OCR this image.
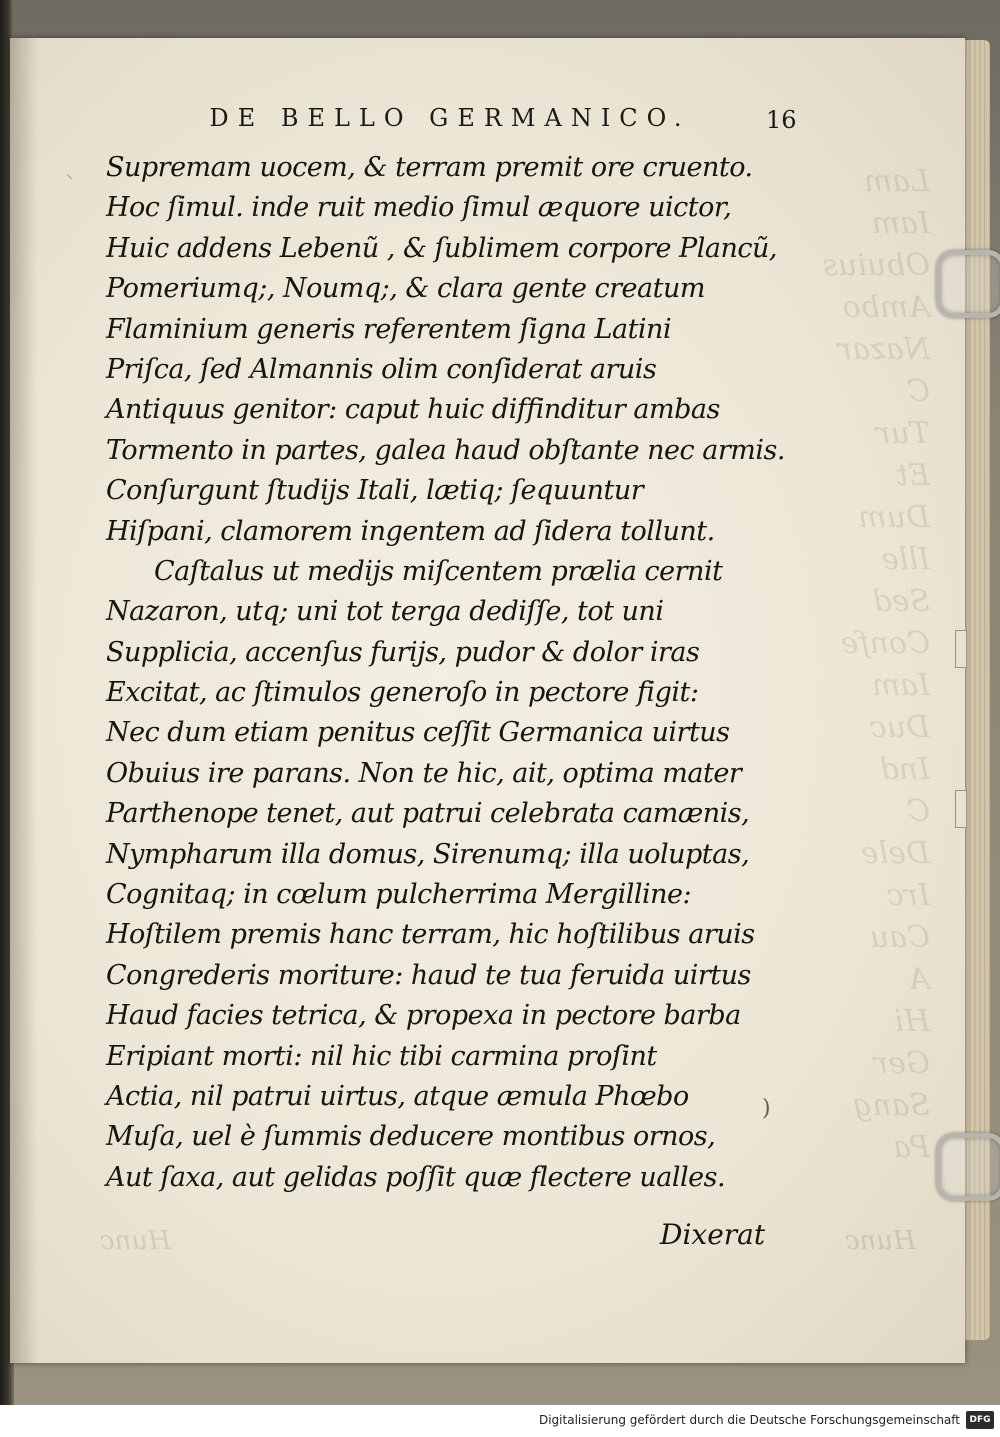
Lam
Iam
Obuius
Ambo
Nazar
C
Tur
Et
Dum
Ille
Sed
Confe
Iam
Duc
Ind
C
Dele
Irc
Cau
A
Hi
Ger
Sang
Pa
⸌
DE BELLO GERMANICO.	16
Supremam uocem, & terram premit ore cruento.
Hoc ſimul. inde ruit medio ſimul æquore uictor,
Huic addens Lebenũ , & ſublimem corpore Plancũ,
Pomeriumq;, Noumq;, & clara gente creatum
Flaminium generis referentem ſigna Latini
Priſca, ſed Almannis olim conſiderat aruis
Antiquus genitor: caput huic diffinditur ambas
Tormento in partes, galea haud obſtante nec armis.
Conſurgunt ſtudijs Itali, lætiq; ſequuntur
Hiſpani, clamorem ingentem ad ſidera tollunt.
Caſtalus ut medijs miſcentem prælia cernit
Nazaron, utq; uni tot terga dediſſe, tot uni
Supplicia, accenſus furijs, pudor & dolor iras
Excitat, ac ſtimulos generoſo in pectore figit:
Nec dum etiam penitus ceſſit Germanica uirtus
Obuius ire parans. Non te hic, ait, optima mater
Parthenope tenet, aut patrui celebrata camænis,
Nympharum illa domus, Sirenumq; illa uoluptas,
Cognitaq; in cœlum pulcherrima Mergilline:
Hoſtilem premis hanc terram, hic hoſtilibus aruis
Congrederis moriture: haud te tua feruida uirtus
Haud facies tetrica, & propexa in pectore barba
Eripiant morti: nil hic tibi carmina proſint
Actia, nil patrui uirtus, atque æmula Phœbo
Muſa, uel è ſummis deducere montibus ornos,
Aut ſaxa, aut gelidas poſſit quæ flectere ualles.
)
Dixerat
Hunc	Hunc
Digitalisierung gefördert durch die Deutsche Forschungsgemeinschaft	DFG
